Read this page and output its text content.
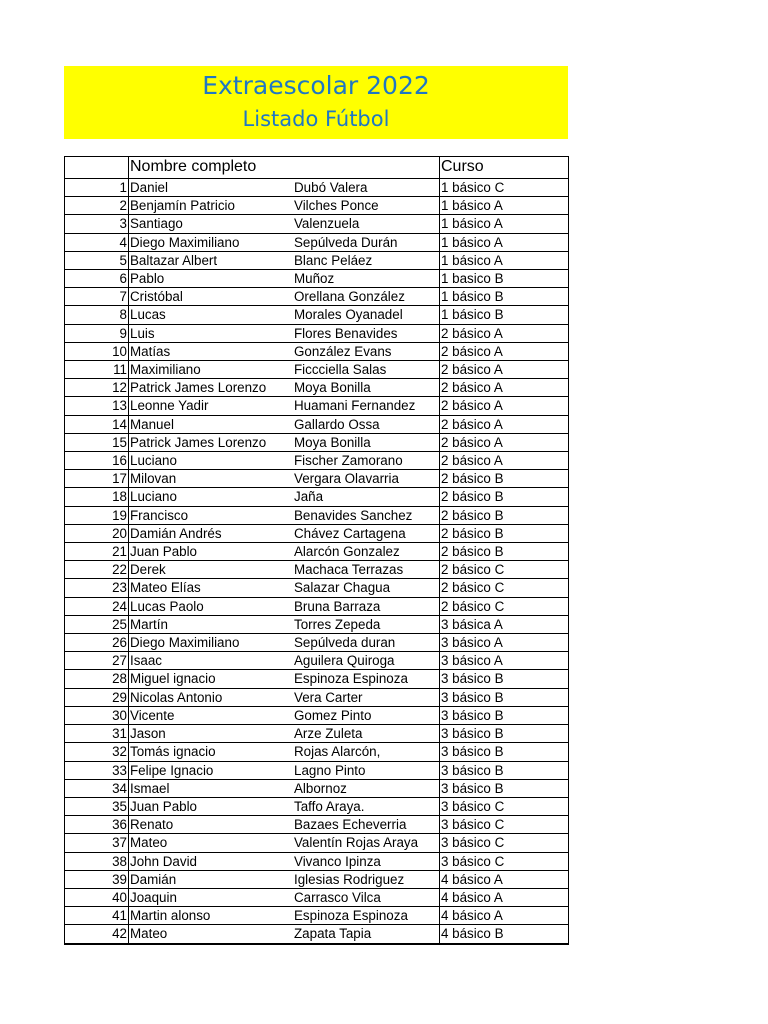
Extraescolar 2022
Listado Fútbol
	Nombre completo		Curso
1	Daniel	Dubó Valera	1 básico C
2	Benjamín Patricio	Vilches Ponce	1 básico A
3	Santiago	Valenzuela	1 básico A
4	Diego Maximiliano	Sepúlveda Durán	1 básico A
5	Baltazar Albert	Blanc Peláez	1 básico A
6	Pablo	Muñoz	1 basico B
7	Cristóbal	Orellana González	1 básico B
8	Lucas	Morales Oyanadel	1 básico B
9	Luis	Flores Benavides	2 básico A
10	Matías	González Evans	2 básico A
11	Maximiliano	Ficcciella Salas	2 básico A
12	Patrick James Lorenzo	Moya Bonilla	2 básico A
13	Leonne Yadir	Huamani Fernandez	2 básico A
14	Manuel	Gallardo Ossa	2 básico A
15	Patrick James Lorenzo	Moya Bonilla	2 básico A
16	Luciano	Fischer Zamorano	2 básico A
17	Milovan	Vergara Olavarria	2 básico B
18	Luciano	Jaña	2 básico B
19	Francisco	Benavides Sanchez	2 básico B
20	Damián Andrés	Chávez Cartagena	2 básico B
21	Juan Pablo	Alarcón Gonzalez	2 básico B
22	Derek	Machaca Terrazas	2 básico C
23	Mateo Elías	Salazar Chagua	2 básico C
24	Lucas Paolo	Bruna Barraza	2 básico C
25	Martín	Torres Zepeda	3 básica A
26	Diego Maximiliano	Sepúlveda duran	3 básico A
27	Isaac	Aguilera Quiroga	3 básico A
28	Miguel ignacio	Espinoza Espinoza	3 básico B
29	Nicolas Antonio	Vera Carter	3 básico B
30	Vicente	Gomez Pinto	3 básico B
31	Jason	Arze Zuleta	3 básico B
32	Tomás ignacio	Rojas Alarcón,	3 básico B
33	Felipe Ignacio	Lagno Pinto	3 básico B
34	Ismael	Albornoz	3 básico B
35	Juan Pablo	Taffo Araya.	3 básico C
36	Renato	Bazaes Echeverria	3 básico C
37	Mateo	Valentín Rojas Araya	3 básico C
38	John David	Vivanco Ipinza	3 básico C
39	Damián	Iglesias Rodriguez	4 básico A
40	Joaquin	Carrasco Vilca	4 básico A
41	Martin alonso	Espinoza Espinoza	4 básico A
42	Mateo	Zapata Tapia	4 básico B
